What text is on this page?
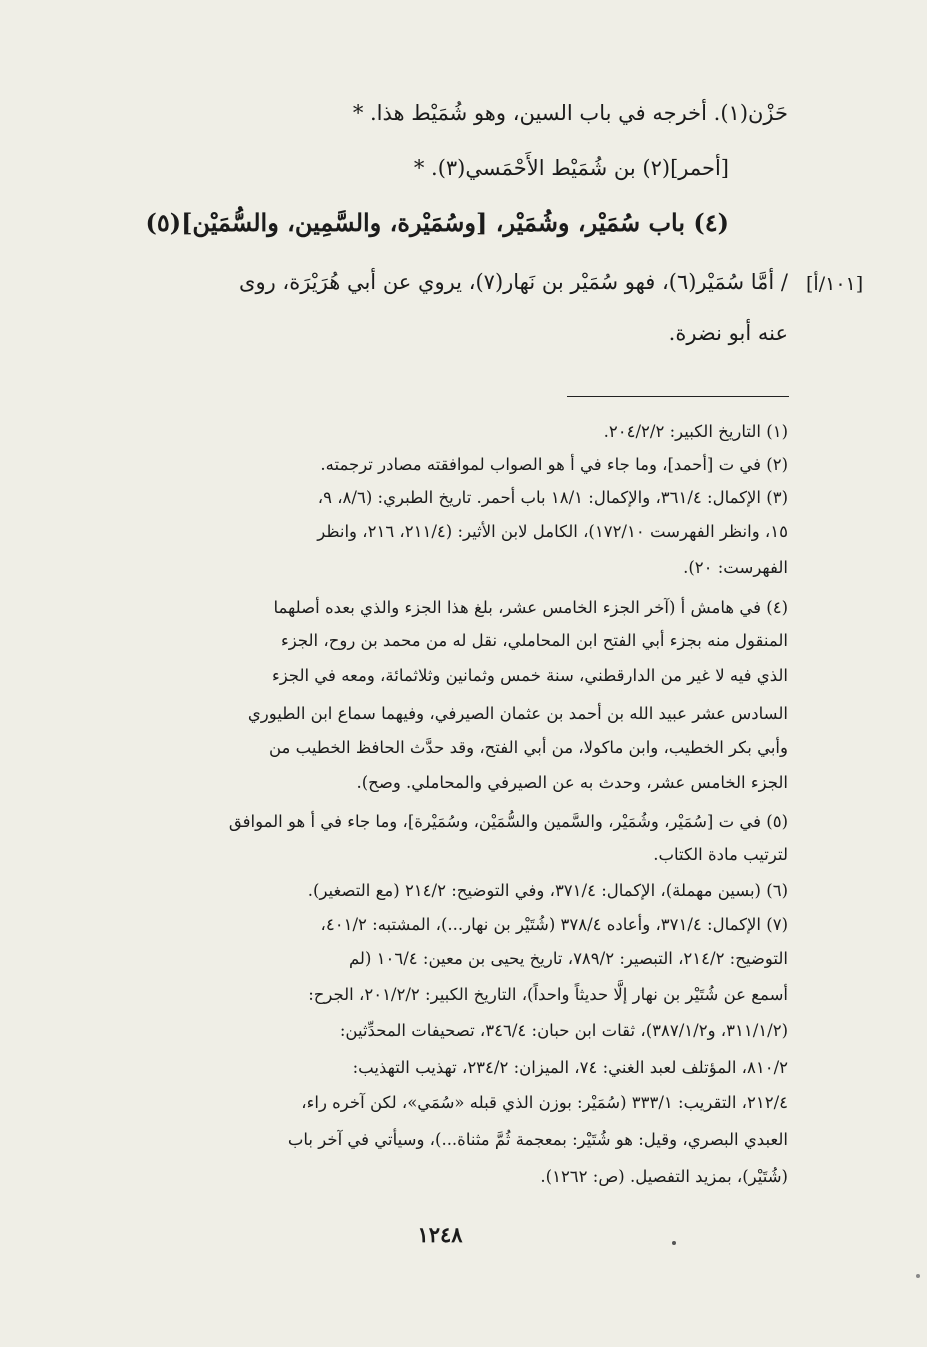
حَزْن(١). أخرجه في باب السين، وهو شُمَيْط هذا. *
[أحمر](٢) بن شُمَيْط الأَحْمَسي(٣). *
(٤) باب سُمَيْر، وشُمَيْر، [وسُمَيْرة، والسَّمِين، والسُّمَيْن](٥)
[١٠١/أ]
/ أمَّا سُمَيْر(٦)، فهو سُمَيْر بن نَهار(٧)، يروي عن أبي هُرَيْرَة، روى
عنه أبو نضرة.
(١) التاريخ الكبير: ٢٠٤/٢/٢.
(٢) في ت [أحمد]، وما جاء في أ هو الصواب لموافقته مصادر ترجمته.
(٣) الإكمال: ٣٦١/٤، والإكمال: ١٨/١ باب أحمر. تاريخ الطبري: (٨/٦، ٩،
١٥، وانظر الفهرست ١٧٢/١٠)، الكامل لابن الأثير: (٢١١/٤، ٢١٦، وانظر
الفهرست: ٢٠).
(٤) في هامش أ (آخر الجزء الخامس عشر، بلغ هذا الجزء والذي بعده أصلهما
المنقول منه بجزء أبي الفتح ابن المحاملي، نقل له من محمد بن روح، الجزء
الذي فيه لا غير من الدارقطني، سنة خمس وثمانين وثلاثمائة، ومعه في الجزء
السادس عشر عبيد الله بن أحمد بن عثمان الصيرفي، وفيهما سماع ابن الطيوري
وأبي بكر الخطيب، وابن ماكولا، من أبي الفتح، وقد حدَّث الحافظ الخطيب من
الجزء الخامس عشر، وحدث به عن الصيرفي والمحاملي. وصح).
(٥) في ت [سُمَيْر، وشُمَيْر، والسَّمين والسُّمَيْن، وسُمَيْرة]، وما جاء في أ هو الموافق
لترتيب مادة الكتاب.
(٦) (بسين مهملة)، الإكمال: ٣٧١/٤، وفي التوضيح: ٢١٤/٢ (مع التصغير).
(٧) الإكمال: ٣٧١/٤، وأعاده ٣٧٨/٤ (شُتَيْر بن نهار...)، المشتبه: ٤٠١/٢،
التوضيح: ٢١٤/٢، التبصير: ٧٨٩/٢، تاريخ يحيى بن معين: ١٠٦/٤ (لم
أسمع عن شُتَيْر بن نهار إلَّا حديثاً واحداً)، التاريخ الكبير: ٢٠١/٢/٢، الجرح:
(٣١١/١/٢، و٣٨٧/١/٢)، ثقات ابن حبان: ٣٤٦/٤، تصحيفات المحدِّثين:
٨١٠/٢، المؤتلف لعبد الغني: ٧٤، الميزان: ٢٣٤/٢، تهذيب التهذيب:
٢١٢/٤، التقريب: ٣٣٣/١ (سُمَيْر: بوزن الذي قبله «سُمَي»، لكن آخره راء،
العبدي البصري، وقيل: هو شُتَيْر: بمعجمة ثُمَّ مثناة...)، وسيأتي في آخر باب
(شُتَيْر)، بمزيد التفصيل. (ص: ١٢٦٢).
١٢٤٨
